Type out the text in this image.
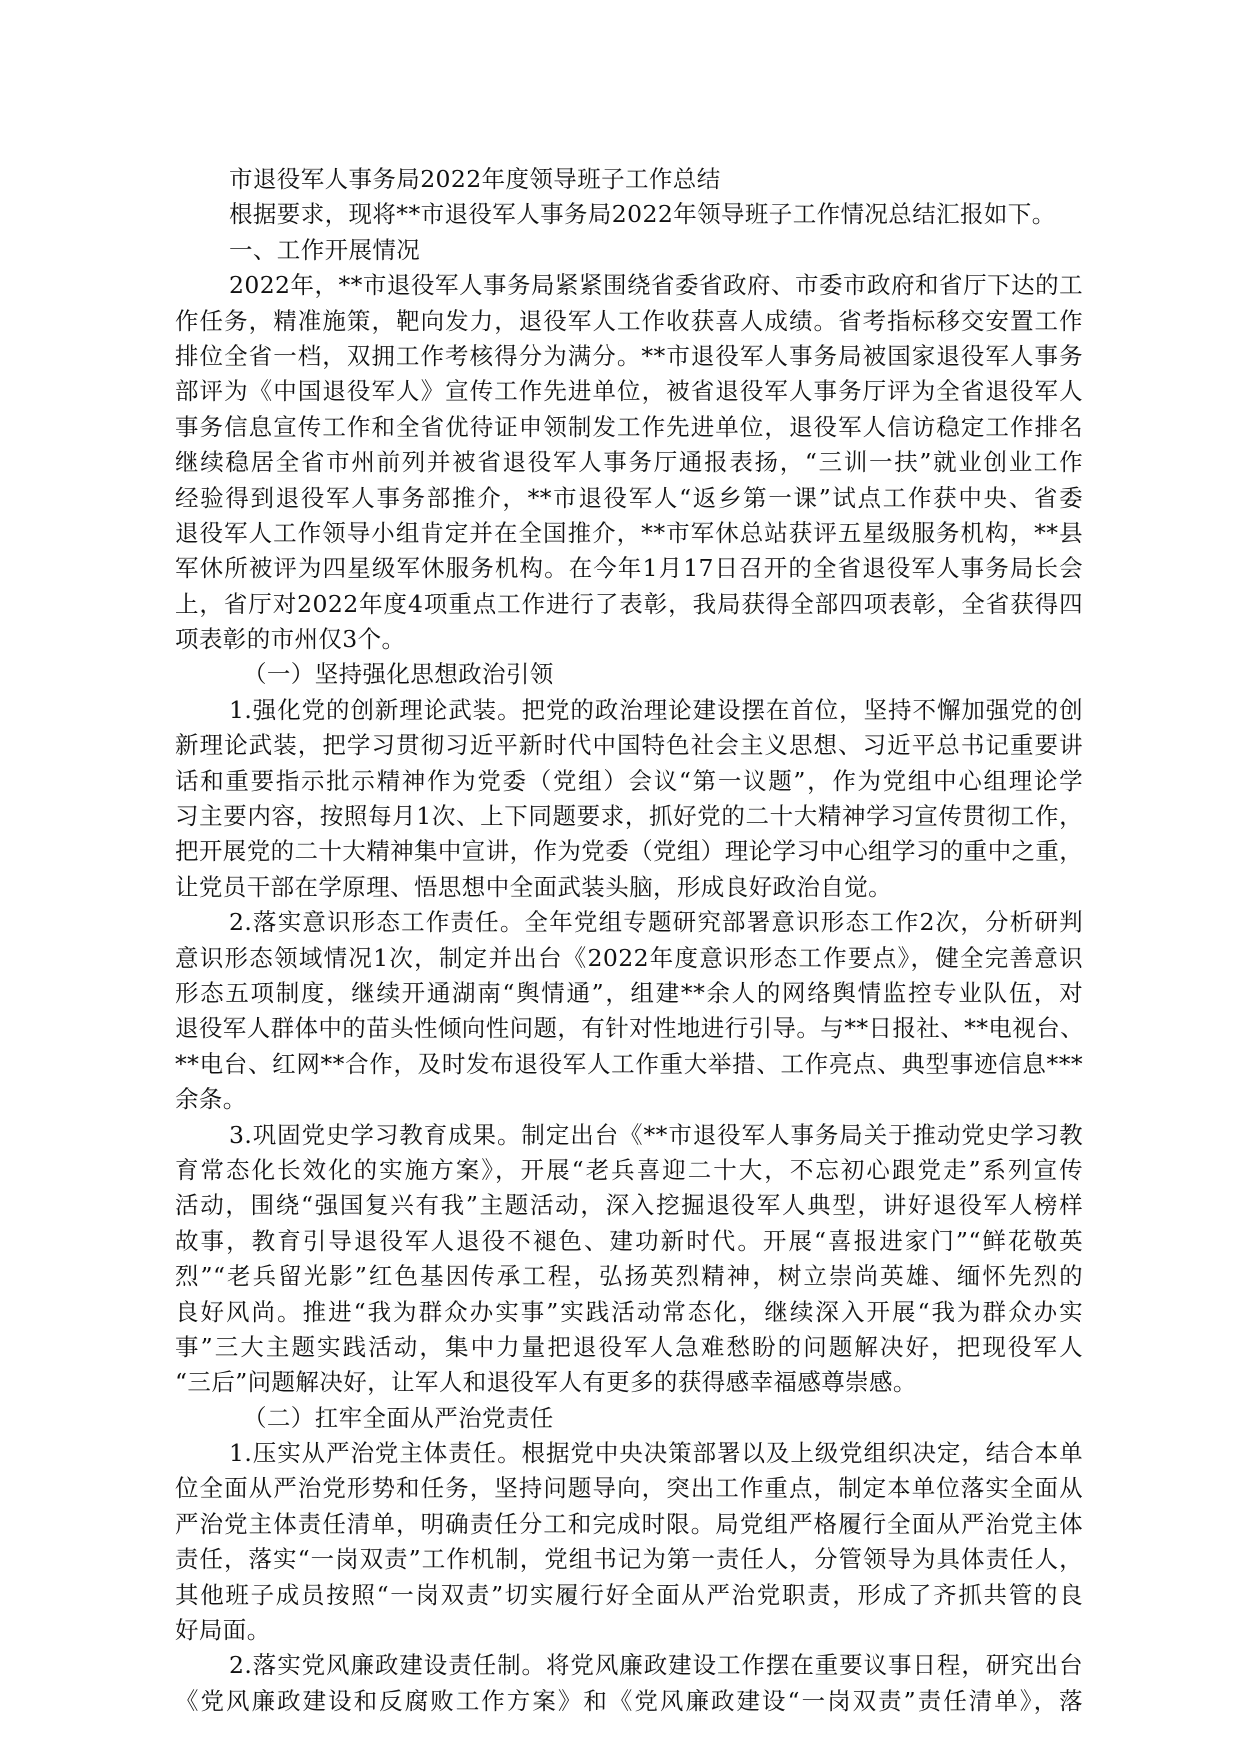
市退役军人事务局2022年度领导班子工作总结
根据要求，现将**市退役军人事务局2022年领导班子工作情况总结汇报如下。
一、工作开展情况
2022年，**市退役军人事务局紧紧围绕省委省政府、市委市政府和省厅下达的工
作任务，精准施策，靶向发力，退役军人工作收获喜人成绩。省考指标移交安置工作
排位全省一档，双拥工作考核得分为满分。**市退役军人事务局被国家退役军人事务
部评为《中国退役军人》宣传工作先进单位，被省退役军人事务厅评为全省退役军人
事务信息宣传工作和全省优待证申领制发工作先进单位，退役军人信访稳定工作排名
继续稳居全省市州前列并被省退役军人事务厅通报表扬，“三训一扶”就业创业工作
经验得到退役军人事务部推介，**市退役军人“返乡第一课”试点工作获中央、省委
退役军人工作领导小组肯定并在全国推介，**市军休总站获评五星级服务机构，**县
军休所被评为四星级军休服务机构。在今年1月17日召开的全省退役军人事务局长会
上，省厅对2022年度4项重点工作进行了表彰，我局获得全部四项表彰，全省获得四
项表彰的市州仅3个。
（一）坚持强化思想政治引领
1.强化党的创新理论武装。把党的政治理论建设摆在首位，坚持不懈加强党的创
新理论武装，把学习贯彻习近平新时代中国特色社会主义思想、习近平总书记重要讲
话和重要指示批示精神作为党委（党组）会议“第一议题”，作为党组中心组理论学
习主要内容，按照每月1次、上下同题要求，抓好党的二十大精神学习宣传贯彻工作，
把开展党的二十大精神集中宣讲，作为党委（党组）理论学习中心组学习的重中之重，
让党员干部在学原理、悟思想中全面武装头脑，形成良好政治自觉。
2.落实意识形态工作责任。全年党组专题研究部署意识形态工作2次，分析研判
意识形态领域情况1次，制定并出台《2022年度意识形态工作要点》，健全完善意识
形态五项制度，继续开通湖南“舆情通”，组建**余人的网络舆情监控专业队伍，对
退役军人群体中的苗头性倾向性问题，有针对性地进行引导。与**日报社、**电视台、
**电台、红网**合作，及时发布退役军人工作重大举措、工作亮点、典型事迹信息***
余条。
3.巩固党史学习教育成果。制定出台《**市退役军人事务局关于推动党史学习教
育常态化长效化的实施方案》，开展“老兵喜迎二十大，不忘初心跟党走”系列宣传
活动，围绕“强国复兴有我”主题活动，深入挖掘退役军人典型，讲好退役军人榜样
故事，教育引导退役军人退役不褪色、建功新时代。开展“喜报进家门”“鲜花敬英
烈”“老兵留光影”红色基因传承工程，弘扬英烈精神，树立崇尚英雄、缅怀先烈的
良好风尚。推进“我为群众办实事”实践活动常态化，继续深入开展“我为群众办实
事”三大主题实践活动，集中力量把退役军人急难愁盼的问题解决好，把现役军人
“三后”问题解决好，让军人和退役军人有更多的获得感幸福感尊崇感。
（二）扛牢全面从严治党责任
1.压实从严治党主体责任。根据党中央决策部署以及上级党组织决定，结合本单
位全面从严治党形势和任务，坚持问题导向，突出工作重点，制定本单位落实全面从
严治党主体责任清单，明确责任分工和完成时限。局党组严格履行全面从严治党主体
责任，落实“一岗双责”工作机制，党组书记为第一责任人，分管领导为具体责任人，
其他班子成员按照“一岗双责”切实履行好全面从严治党职责，形成了齐抓共管的良
好局面。
2.落实党风廉政建设责任制。将党风廉政建设工作摆在重要议事日程，研究出台
《党风廉政建设和反腐败工作方案》和《党风廉政建设“一岗双责”责任清单》，落
